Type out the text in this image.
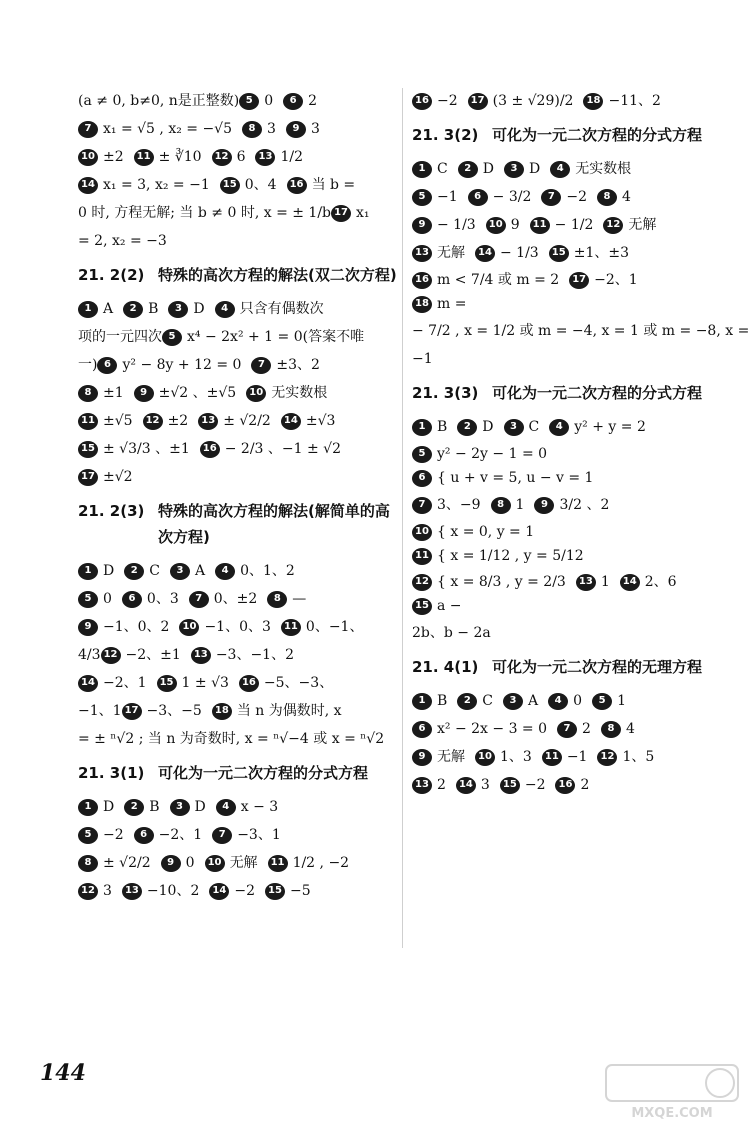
(a ≠ 0, b≠0, n是正整数) 5 0	6 2
7 x₁ = √5 , x₂ = −√5	8 3	9 3
10 ±2	11 ± ∛10	12 6	13 1/2
14 x₁ = 3, x₂ = −1	15 0、4	16 当 b =
0 时, 方程无解; 当 b ≠ 0 时, x = ± 1/b 17 x₁
= 2, x₂ = −3
21. 2(2) 特殊的高次方程的解法(双二次方程)
1 A	2 B	3 D	4 只含有偶数次
项的一元四次 5 x⁴ − 2x² + 1 = 0(答案不唯
一) 6 y² − 8y + 12 = 0	7 ±3、2
8 ±1	9 ±√2 、±√5	10 无实数根
11 ±√5	12 ±2	13 ± √2/2	14 ±√3
15 ± √3/3 、±1	16 − 2/3 、−1 ± √2
17 ±√2
21. 2(3) 特殊的高次方程的解法(解简单的高次方程)
1 D	2 C	3 A	4 0、1、2
5 0	6 0、3	7 0、±2	8 —
9 −1、0、2	10 −1、0、3	11 0、−1、
4/3 12 −2、±1	13 −3、−1、2
14 −2、1	15 1 ± √3	16 −5、−3、
−1、1 17 −3、−5	18 当 n 为偶数时, x
= ± ⁿ√2 ; 当 n 为奇数时, x = ⁿ√−4 或 x = ⁿ√2
21. 3(1) 可化为一元二次方程的分式方程
1 D	2 B	3 D	4 x − 3
5 −2	6 −2、1	7 −3、1
8 ± √2/2	9 0	10 无解	11 1/2 , −2
12 3	13 −10、2	14 −2	15 −5
16 −2	17 (3 ± √29)/2	18 −11、2
21. 3(2) 可化为一元二次方程的分式方程
1 C	2 D	3 D	4 无实数根
5 −1	6 − 3/2	7 −2	8 4
9 − 1/3	10 9	11 − 1/2	12 无解
13 无解	14 − 1/3	15 ±1、±3
16 m < 7/4 或 m = 2	17 −2、1
18 m =
− 7/2 , x = 1/2 或 m = −4, x = 1 或 m = −8, x =
−1
21. 3(3) 可化为一元二次方程的分式方程
1 B	2 D	3 C	4 y² + y = 2
5 y² − 2y − 1 = 0
6 { u + v = 5, u − v = 1
7 3、−9	8 1	9 3/2 、2
10 { x = 0, y = 1
11 { x = 1/12 , y = 5/12
12 { x = 8/3 , y = 2/3	13 1	14 2、6
15 a −
2b、b − 2a
21. 4(1) 可化为一元二次方程的无理方程
1 B	2 C	3 A	4 0	5 1
6 x² − 2x − 3 = 0	7 2	8 4
9 无解	10 1、3	11 −1	12 1、5
13 2	14 3	15 −2	16 2
144
MXQE.COM
